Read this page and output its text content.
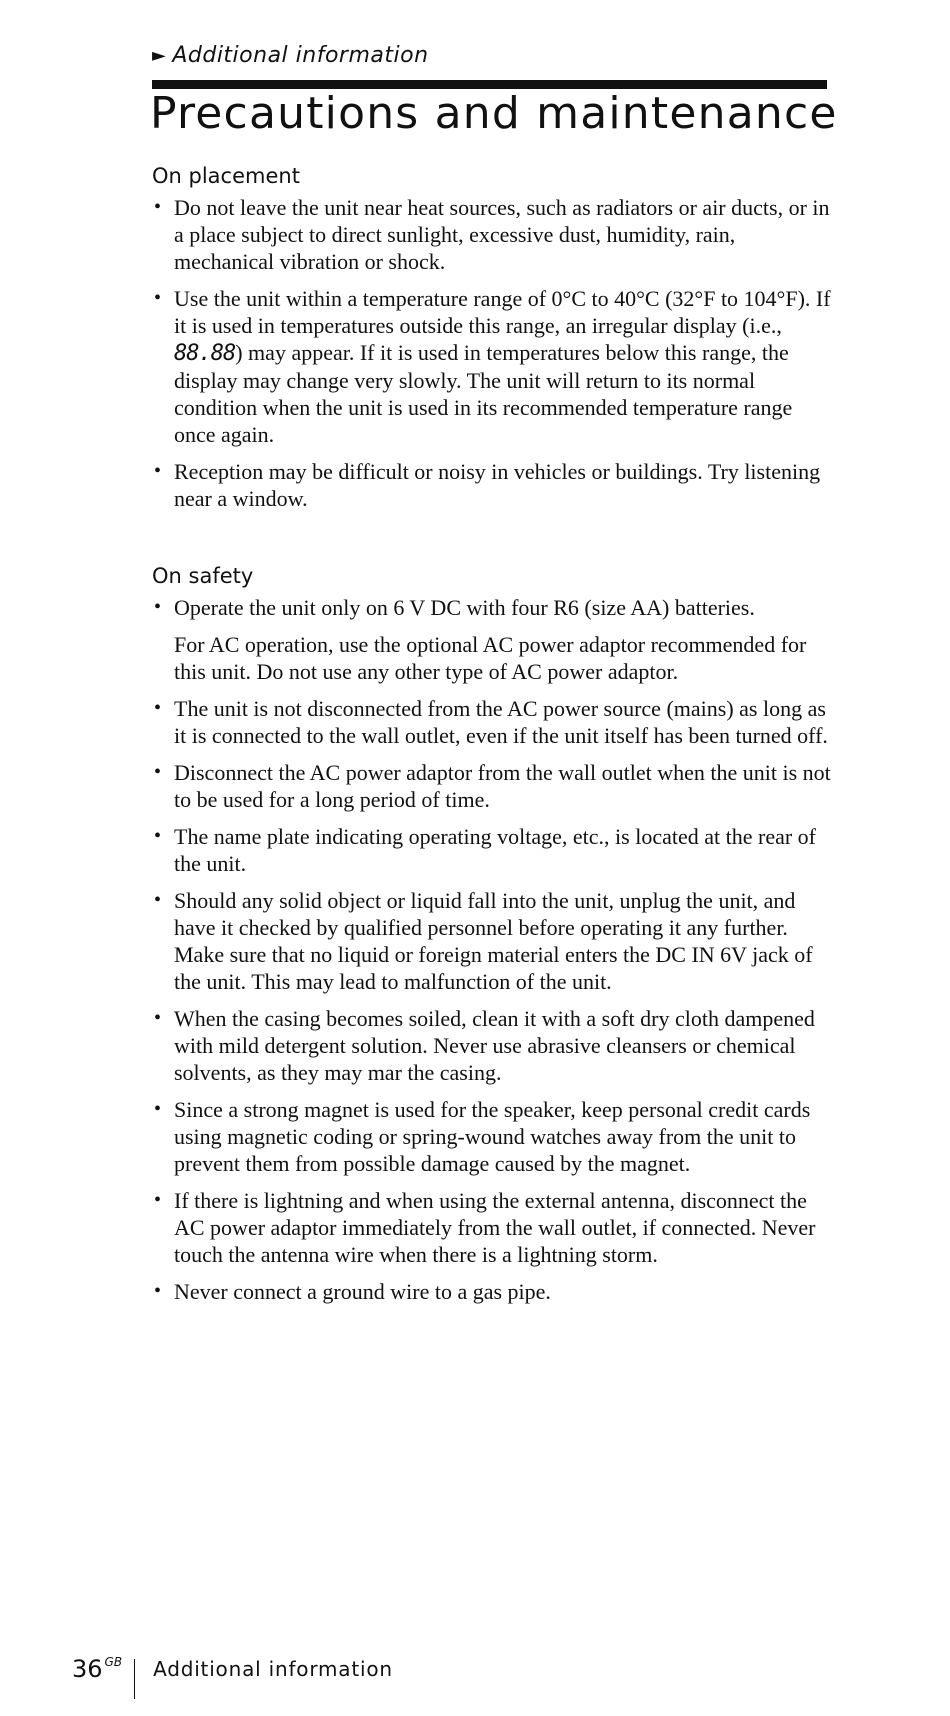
► Additional information
Precautions and maintenance
On placement
• Do not leave the unit near heat sources, such as radiators or air ducts, or in a place subject to direct sunlight, excessive dust, humidity, rain, mechanical vibration or shock.

• Use the unit within a temperature range of 0°C to 40°C (32°F to 104°F). If it is used in temperatures outside this range, an irregular display (i.e., 88.88) may appear. If it is used in temperatures below this range, the display may change very slowly. The unit will return to its normal condition when the unit is used in its recommended temperature range once again.

• Reception may be difficult or noisy in vehicles or buildings. Try listening near a window.

On safety
• Operate the unit only on 6 V DC with four R6 (size AA) batteries.

For AC operation, use the optional AC power adaptor recommended for this unit. Do not use any other type of AC power adaptor.

• The unit is not disconnected from the AC power source (mains) as long as it is connected to the wall outlet, even if the unit itself has been turned off.

• Disconnect the AC power adaptor from the wall outlet when the unit is not to be used for a long period of time.

• The name plate indicating operating voltage, etc., is located at the rear of the unit.

• Should any solid object or liquid fall into the unit, unplug the unit, and have it checked by qualified personnel before operating it any further. Make sure that no liquid or foreign material enters the DC IN 6V jack of the unit. This may lead to malfunction of the unit.

• When the casing becomes soiled, clean it with a soft dry cloth dampened with mild detergent solution. Never use abrasive cleansers or chemical solvents, as they may mar the casing.

• Since a strong magnet is used for the speaker, keep personal credit cards using magnetic coding or spring-wound watches away from the unit to prevent them from possible damage caused by the magnet.

• If there is lightning and when using the external antenna, disconnect the AC power adaptor immediately from the wall outlet, if connected. Never touch the antenna wire when there is a lightning storm.

• Never connect a ground wire to a gas pipe.

36 GB Additional information
